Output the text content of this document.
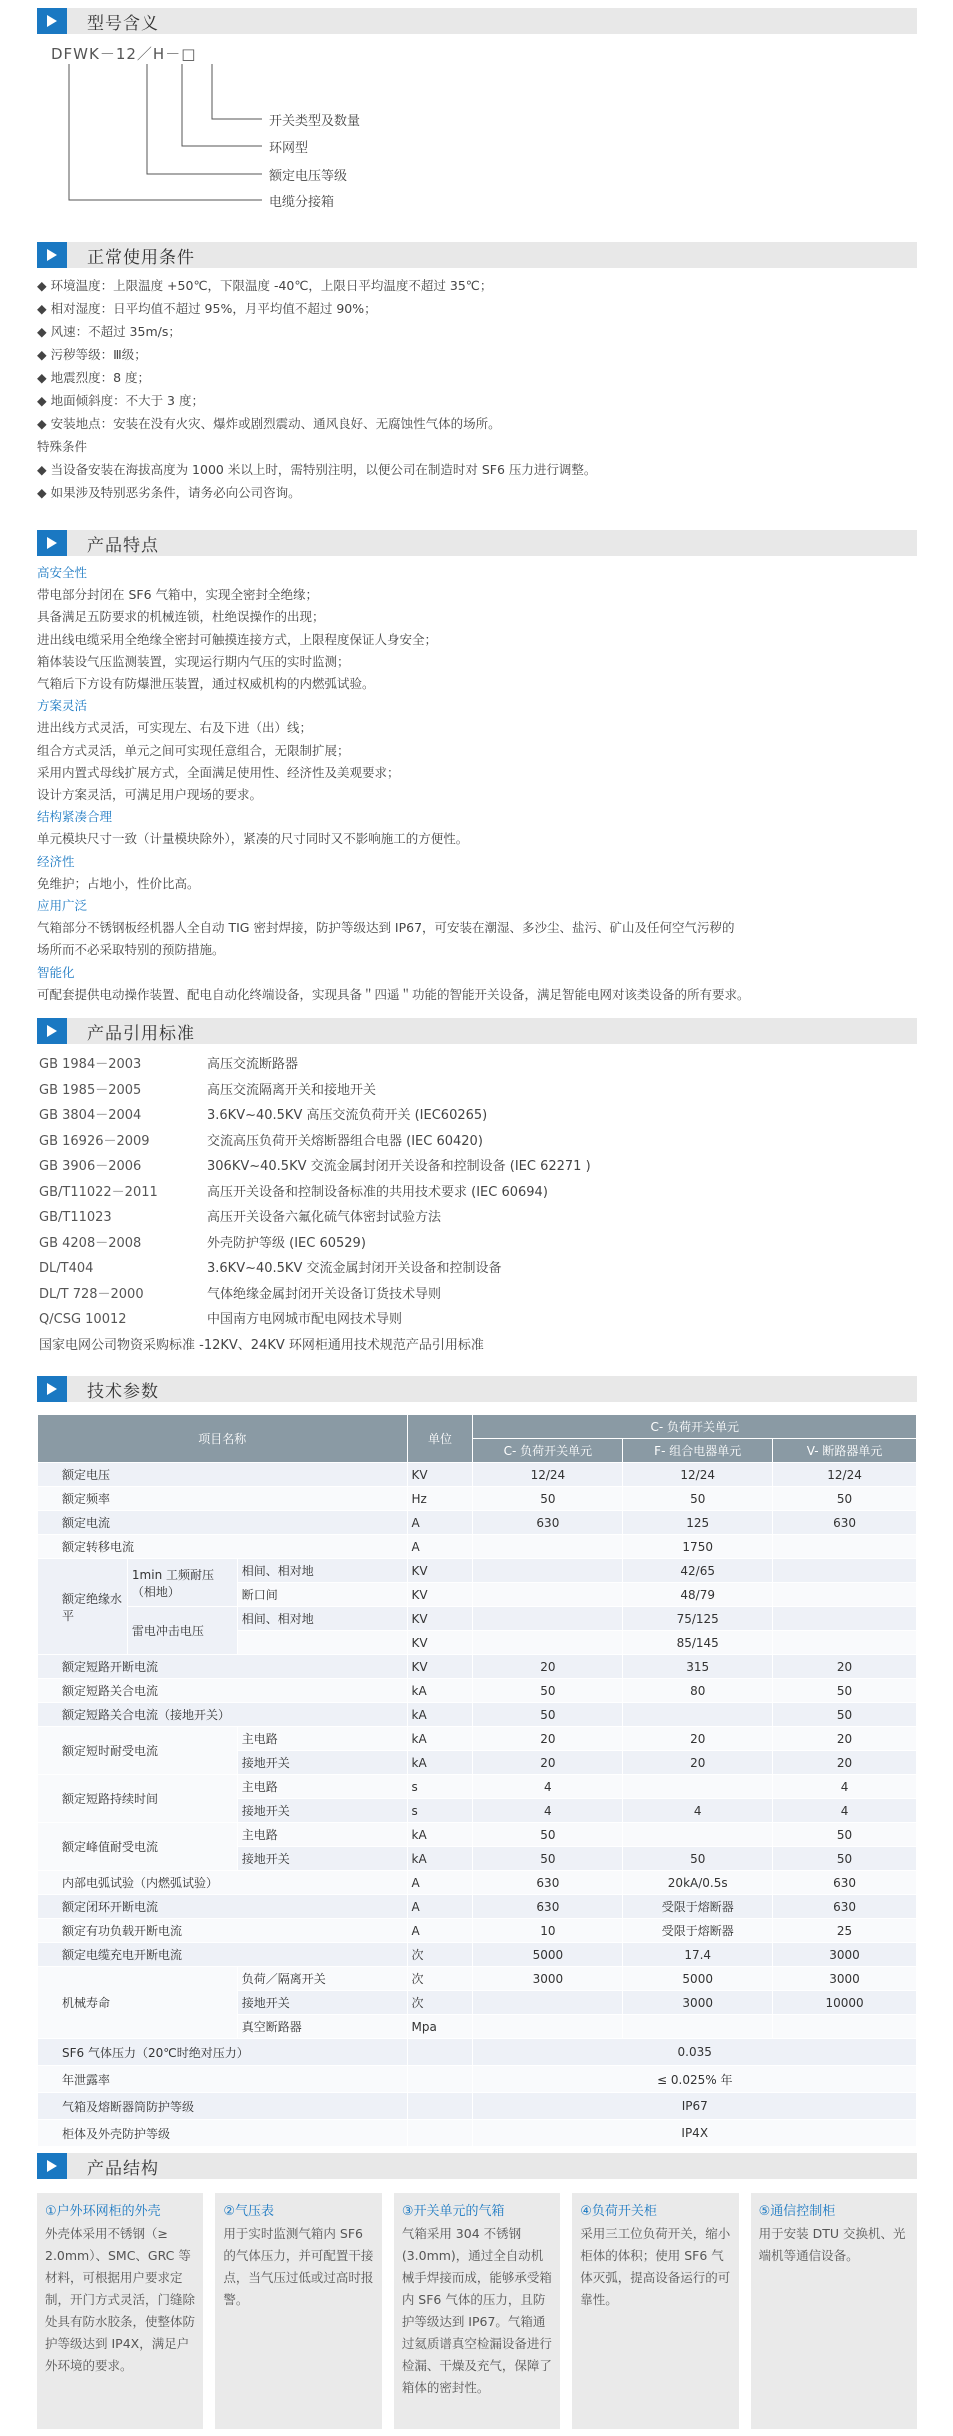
型号含义
DFWK－12／H－□
开关类型及数量
环网型
额定电压等级
电缆分接箱
正常使用条件
◆ 环境温度：上限温度 +50℃，下限温度 -40℃，上限日平均温度不超过 35℃；
◆ 相对湿度：日平均值不超过 95%，月平均值不超过 90%；
◆ 风速：不超过 35m/s；
◆ 污秽等级：Ⅲ级；
◆ 地震烈度：8 度；
◆ 地面倾斜度：不大于 3 度；
◆ 安装地点：安装在没有火灾、爆炸或剧烈震动、通风良好、无腐蚀性气体的场所。
特殊条件
◆ 当设备安装在海拔高度为 1000 米以上时，需特别注明，以便公司在制造时对 SF6 压力进行调整。
◆ 如果涉及特别恶劣条件，请务必向公司咨询。
产品特点
高安全性
带电部分封闭在 SF6 气箱中，实现全密封全绝缘；
具备满足五防要求的机械连锁，杜绝误操作的出现；
进出线电缆采用全绝缘全密封可触摸连接方式，上限程度保证人身安全；
箱体装设气压监测装置，实现运行期内气压的实时监测；
气箱后下方设有防爆泄压装置，通过权威机构的内燃弧试验。
方案灵活
进出线方式灵活，可实现左、右及下进（出）线；
组合方式灵活，单元之间可实现任意组合，无限制扩展；
采用内置式母线扩展方式，全面满足使用性、经济性及美观要求；
设计方案灵活，可满足用户现场的要求。
结构紧凑合理
单元模块尺寸一致（计量模块除外），紧凑的尺寸同时又不影响施工的方便性。
经济性
免维护；占地小，性价比高。
应用广泛
气箱部分不锈钢板经机器人全自动 TIG 密封焊接，防护等级达到 IP67，可安装在潮湿、多沙尘、盐污、矿山及任何空气污秽的
场所而不必采取特别的预防措施。
智能化
可配套提供电动操作装置、配电自动化终端设备，实现具备＂四遥＂功能的智能开关设备，满足智能电网对该类设备的所有要求。
产品引用标准
GB 1984－2003	高压交流断路器
GB 1985－2005	高压交流隔离开关和接地开关
GB 3804－2004	3.6KV~40.5KV 高压交流负荷开关 (IEC60265)
GB 16926－2009	交流高压负荷开关熔断器组合电器 (IEC 60420)
GB 3906－2006	306KV~40.5KV 交流金属封闭开关设备和控制设备 (IEC 62271 )
GB/T11022－2011	高压开关设备和控制设备标准的共用技术要求 (IEC 60694)
GB/T11023	高压开关设备六氟化硫气体密封试验方法
GB 4208－2008	外壳防护等级 (IEC 60529)
DL/T404	3.6KV~40.5KV 交流金属封闭开关设备和控制设备
DL/T 728－2000	气体绝缘金属封闭开关设备订货技术导则
Q/CSG 10012	中国南方电网城市配电网技术导则
国家电网公司物资采购标准 -12KV、24KV 环网柜通用技术规范产品引用标准
技术参数
项目名称			单位	C- 负荷开关单元		
				C- 负荷开关单元	F- 组合电器单元	V- 断路器单元
额定电压			KV	12/24	12/24	12/24
额定频率			Hz	50	50	50
额定电流			A	630	125	630
额定转移电流			A		1750	
额定绝缘水平	1min 工频耐压（相地）	相间、相对地	KV		42/65	
		断口间	KV		48/79	
	雷电冲击电压	相间、相对地	KV		75/125	
			KV		85/145	
额定短路开断电流			KV	20	315	20
额定短路关合电流			kA	50	80	50
额定短路关合电流（接地开关）			kA	50		50
额定短时耐受电流		主电路	kA	20	20	20
		接地开关	kA	20	20	20
额定短路持续时间		主电路	s	4		4
		接地开关	s	4	4	4
额定峰值耐受电流		主电路	kA	50		50
		接地开关	kA	50	50	50
内部电弧试验（内燃弧试验）			A	630	20kA/0.5s	630
额定闭环开断电流			A	630	受限于熔断器	630
额定有功负载开断电流			A	10	受限于熔断器	25
额定电缆充电开断电流			次	5000	17.4	3000
机械寿命		负荷／隔离开关	次	3000	5000	3000
		接地开关	次		3000	10000
		真空断路器	Mpa			
SF6 气体压力（20℃时绝对压力）				0.035		
年泄露率				≤ 0.025% 年		
气箱及熔断器筒防护等级				IP67		
柜体及外壳防护等级				IP4X		
产品结构
①户外环网柜的外壳
外壳体采用不锈钢（≥ 2.0mm）、SMC、GRC 等材料，可根据用户要求定制，开门方式灵活，门缝除处具有防水胶条，使整体防护等级达到 IP4X，满足户外环境的要求。
②气压表
用于实时监测气箱内 SF6 的气体压力，并可配置干接点，当气压过低或过高时报警。
③开关单元的气箱
气箱采用 304 不锈钢 (3.0mm)，通过全自动机械手焊接而成，能够承受箱内 SF6 气体的压力，且防护等级达到 IP67。气箱通过氦质谱真空检漏设备进行检漏、干燥及充气，保障了箱体的密封性。
④负荷开关柜
采用三工位负荷开关，缩小柜体的体积；使用 SF6 气体灭弧，提高设备运行的可靠性。
⑤通信控制柜
用于安装 DTU 交换机、光端机等通信设备。
